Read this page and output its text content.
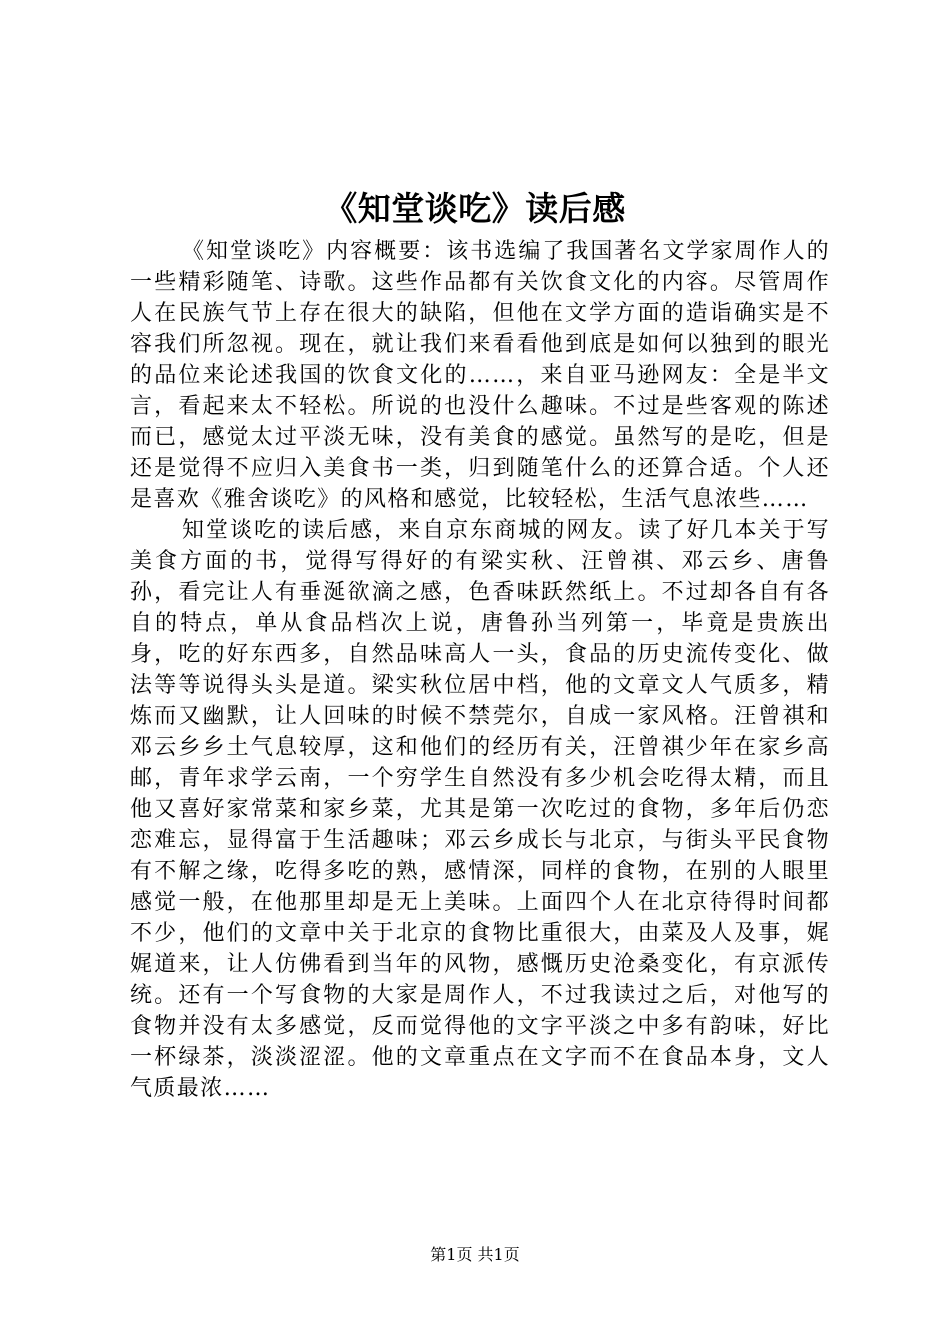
《知堂谈吃》读后感

《知堂谈吃》内容概要：该书选编了我国著名文学家周作人的一些精彩随笔、诗歌。这些作品都有关饮食文化的内容。尽管周作人在民族气节上存在很大的缺陷，但他在文学方面的造诣确实是不容我们所忽视。现在，就让我们来看看他到底是如何以独到的眼光的品位来论述我国的饮食文化的……，来自亚马逊网友：全是半文言，看起来太不轻松。所说的也没什么趣味。不过是些客观的陈述而已，感觉太过平淡无味，没有美食的感觉。虽然写的是吃，但是还是觉得不应归入美食书一类，归到随笔什么的还算合适。个人还是喜欢《雅舍谈吃》的风格和感觉，比较轻松，生活气息浓些……

知堂谈吃的读后感，来自京东商城的网友。读了好几本关于写美食方面的书，觉得写得好的有梁实秋、汪曾祺、邓云乡、唐鲁孙，看完让人有垂涎欲滴之感，色香味跃然纸上。不过却各自有各自的特点，单从食品档次上说，唐鲁孙当列第一，毕竟是贵族出身，吃的好东西多，自然品味高人一头，食品的历史流传变化、做法等等说得头头是道。梁实秋位居中档，他的文章文人气质多，精炼而又幽默，让人回味的时候不禁莞尔，自成一家风格。汪曾祺和邓云乡乡土气息较厚，这和他们的经历有关，汪曾祺少年在家乡高邮，青年求学云南，一个穷学生自然没有多少机会吃得太精，而且他又喜好家常菜和家乡菜，尤其是第一次吃过的食物，多年后仍恋恋难忘，显得富于生活趣味；邓云乡成长与北京，与街头平民食物有不解之缘，吃得多吃的熟，感情深，同样的食物，在别的人眼里感觉一般，在他那里却是无上美味。上面四个人在北京待得时间都不少，他们的文章中关于北京的食物比重很大，由菜及人及事，娓娓道来，让人仿佛看到当年的风物，感慨历史沧桑变化，有京派传统。还有一个写食物的大家是周作人，不过我读过之后，对他写的食物并没有太多感觉，反而觉得他的文字平淡之中多有韵味，好比一杯绿茶，淡淡涩涩。他的文章重点在文字而不在食品本身，文人气质最浓……

第1页 共1页
